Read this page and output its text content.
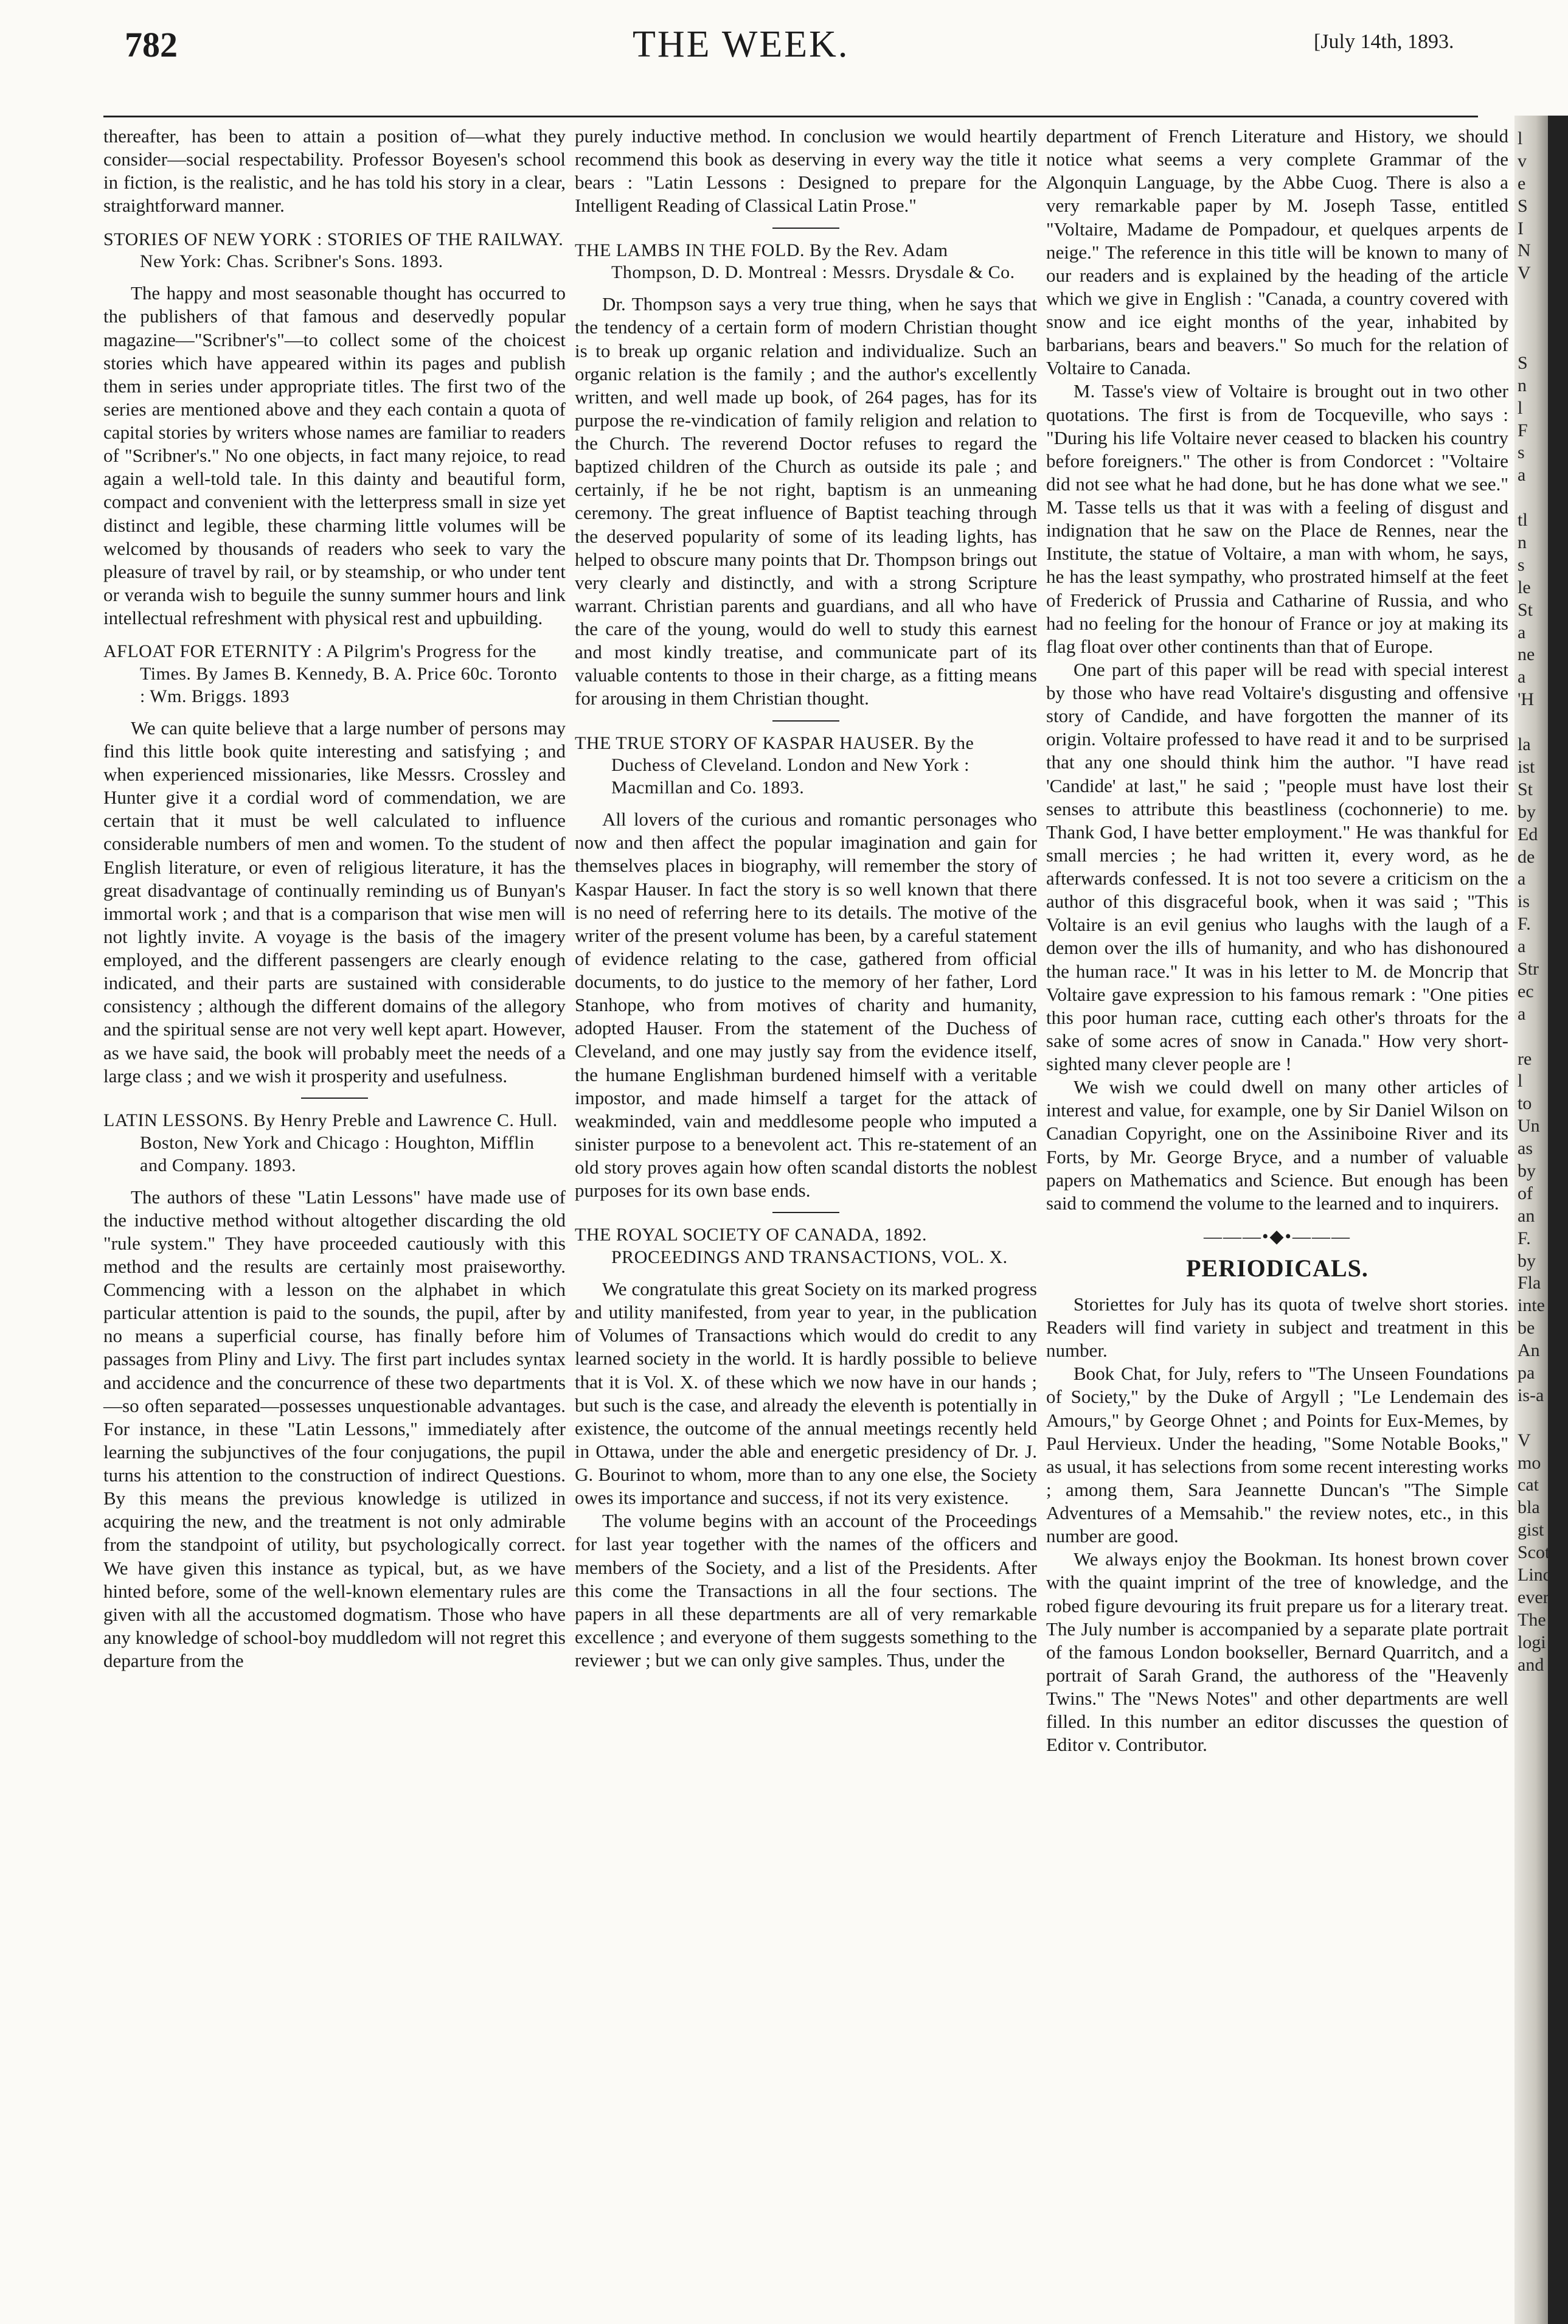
782	THE WEEK.	[July 14th, 1893.

thereafter, has been to attain a position of—what they consider—social respectability. Professor Boyesen's school in fiction, is the realistic, and he has told his story in a clear, straightforward manner.

STORIES OF NEW YORK : STORIES OF THE RAILWAY. New York: Chas. Scribner's Sons. 1893.

The happy and most seasonable thought has occurred to the publishers of that famous and deservedly popular magazine—"Scribner's"—to collect some of the choicest stories which have appeared within its pages and publish them in series under appropriate titles. The first two of the series are mentioned above and they each contain a quota of capital stories by writers whose names are familiar to readers of "Scribner's." No one objects, in fact many rejoice, to read again a well-told tale. In this dainty and beautiful form, compact and convenient with the letterpress small in size yet distinct and legible, these charming little volumes will be welcomed by thousands of readers who seek to vary the pleasure of travel by rail, or by steamship, or who under tent or veranda wish to beguile the sunny summer hours and link intellectual refreshment with physical rest and upbuilding.

AFLOAT FOR ETERNITY : A Pilgrim's Progress for the Times. By James B. Kennedy, B. A. Price 60c. Toronto : Wm. Briggs. 1893

We can quite believe that a large number of persons may find this little book quite interesting and satisfying ; and when experienced missionaries, like Messrs. Crossley and Hunter give it a cordial word of commendation, we are certain that it must be well calculated to influence considerable numbers of men and women. To the student of English literature, or even of religious literature, it has the great disadvantage of continually reminding us of Bunyan's immortal work ; and that is a comparison that wise men will not lightly invite. A voyage is the basis of the imagery employed, and the different passengers are clearly enough indicated, and their parts are sustained with considerable consistency ; although the different domains of the allegory and the spiritual sense are not very well kept apart. However, as we have said, the book will probably meet the needs of a large class ; and we wish it prosperity and usefulness.

LATIN LESSONS. By Henry Preble and Lawrence C. Hull. Boston, New York and Chicago : Houghton, Mifflin and Company. 1893.

The authors of these "Latin Lessons" have made use of the inductive method without altogether discarding the old "rule system." They have proceeded cautiously with this method and the results are certainly most praiseworthy. Commencing with a lesson on the alphabet in which particular attention is paid to the sounds, the pupil, after by no means a superficial course, has finally before him passages from Pliny and Livy. The first part includes syntax and accidence and the concurrence of these two departments—so often separated—possesses unquestionable advantages. For instance, in these "Latin Lessons," immediately after learning the subjunctives of the four conjugations, the pupil turns his attention to the construction of indirect Questions. By this means the previous knowledge is utilized in acquiring the new, and the treatment is not only admirable from the standpoint of utility, but psychologically correct. We have given this instance as typical, but, as we have hinted before, some of the well-known elementary rules are given with all the accustomed dogmatism. Those who have any knowledge of school-boy muddledom will not regret this departure from the

purely inductive method. In conclusion we would heartily recommend this book as deserving in every way the title it bears : "Latin Lessons : Designed to prepare for the Intelligent Reading of Classical Latin Prose."

THE LAMBS IN THE FOLD. By the Rev. Adam Thompson, D. D. Montreal : Messrs. Drysdale & Co.

Dr. Thompson says a very true thing, when he says that the tendency of a certain form of modern Christian thought is to break up organic relation and individualize. Such an organic relation is the family ; and the author's excellently written, and well made up book, of 264 pages, has for its purpose the re-vindication of family religion and relation to the Church. The reverend Doctor refuses to regard the baptized children of the Church as outside its pale ; and certainly, if he be not right, baptism is an unmeaning ceremony. The great influence of Baptist teaching through the deserved popularity of some of its leading lights, has helped to obscure many points that Dr. Thompson brings out very clearly and distinctly, and with a strong Scripture warrant. Christian parents and guardians, and all who have the care of the young, would do well to study this earnest and most kindly treatise, and communicate part of its valuable contents to those in their charge, as a fitting means for arousing in them Christian thought.

THE TRUE STORY OF KASPAR HAUSER. By the Duchess of Cleveland. London and New York : Macmillan and Co. 1893.

All lovers of the curious and romantic personages who now and then affect the popular imagination and gain for themselves places in biography, will remember the story of Kaspar Hauser. In fact the story is so well known that there is no need of referring here to its details. The motive of the writer of the present volume has been, by a careful statement of evidence relating to the case, gathered from official documents, to do justice to the memory of her father, Lord Stanhope, who from motives of charity and humanity, adopted Hauser. From the statement of the Duchess of Cleveland, and one may justly say from the evidence itself, the humane Englishman burdened himself with a veritable impostor, and made himself a target for the attack of weakminded, vain and meddlesome people who imputed a sinister purpose to a benevolent act. This re-statement of an old story proves again how often scandal distorts the noblest purposes for its own base ends.

THE ROYAL SOCIETY OF CANADA, 1892. PROCEEDINGS AND TRANSACTIONS, VOL. X.

We congratulate this great Society on its marked progress and utility manifested, from year to year, in the publication of Volumes of Transactions which would do credit to any learned society in the world. It is hardly possible to believe that it is Vol. X. of these which we now have in our hands ; but such is the case, and already the eleventh is potentially in existence, the outcome of the annual meetings recently held in Ottawa, under the able and energetic presidency of Dr. J. G. Bourinot to whom, more than to any one else, the Society owes its importance and success, if not its very existence.

The volume begins with an account of the Proceedings for last year together with the names of the officers and members of the Society, and a list of the Presidents. After this come the Transactions in all the four sections. The papers in all these departments are all of very remarkable excellence ; and everyone of them suggests something to the reviewer ; but we can only give samples. Thus, under the

department of French Literature and History, we should notice what seems a very complete Grammar of the Algonquin Language, by the Abbe Cuog. There is also a very remarkable paper by M. Joseph Tasse, entitled "Voltaire, Madame de Pompadour, et quelques arpents de neige." The reference in this title will be known to many of our readers and is explained by the heading of the article which we give in English : "Canada, a country covered with snow and ice eight months of the year, inhabited by barbarians, bears and beavers." So much for the relation of Voltaire to Canada.

M. Tasse's view of Voltaire is brought out in two other quotations. The first is from de Tocqueville, who says : "During his life Voltaire never ceased to blacken his country before foreigners." The other is from Condorcet : "Voltaire did not see what he had done, but he has done what we see." M. Tasse tells us that it was with a feeling of disgust and indignation that he saw on the Place de Rennes, near the Institute, the statue of Voltaire, a man with whom, he says, he has the least sympathy, who prostrated himself at the feet of Frederick of Prussia and Catharine of Russia, and who had no feeling for the honour of France or joy at making its flag float over other continents than that of Europe.

One part of this paper will be read with special interest by those who have read Voltaire's disgusting and offensive story of Candide, and have forgotten the manner of its origin. Voltaire professed to have read it and to be surprised that any one should think him the author. "I have read 'Candide' at last," he said ; "people must have lost their senses to attribute this beastliness (cochonnerie) to me. Thank God, I have better employment." He was thankful for small mercies ; he had written it, every word, as he afterwards confessed. It is not too severe a criticism on the author of this disgraceful book, when it was said ; "This Voltaire is an evil genius who laughs with the laugh of a demon over the ills of humanity, and who has dishonoured the human race." It was in his letter to M. de Moncrip that Voltaire gave expression to his famous remark : "One pities this poor human race, cutting each other's throats for the sake of some acres of snow in Canada." How very short-sighted many clever people are !

We wish we could dwell on many other articles of interest and value, for example, one by Sir Daniel Wilson on Canadian Copyright, one on the Assiniboine River and its Forts, by Mr. George Bryce, and a number of valuable papers on Mathematics and Science. But enough has been said to commend the volume to the learned and to inquirers.

———•◆•———
PERIODICALS.

Storiettes for July has its quota of twelve short stories. Readers will find variety in subject and treatment in this number.

Book Chat, for July, refers to "The Unseen Foundations of Society," by the Duke of Argyll ; "Le Lendemain des Amours," by George Ohnet ; and Points for Eux-Memes, by Paul Hervieux. Under the heading, "Some Notable Books," as usual, it has selections from some recent interesting works ; among them, Sara Jeannette Duncan's "The Simple Adventures of a Memsahib." the review notes, etc., in this number are good.

We always enjoy the Bookman. Its honest brown cover with the quaint imprint of the tree of knowledge, and the robed figure devouring its fruit prepare us for a literary treat. The July number is accompanied by a separate plate portrait of the famous London bookseller, Bernard Quarritch, and a portrait of Sarah Grand, the authoress of the "Heavenly Twins." The "News Notes" and other departments are well filled. In this number an editor discusses the question of Editor v. Contributor.

l
v
e
S
I
N
V

S
n
l
F
s
a

tl
n
s
le
St
a
ne
a
'H

la
ist
St
by
Ed
de
a
is
F.
a
Str
ec
a

re
l
to
Un
as
by
of
an
F.
by
Fla
inte
be
An
pa
is-a

V
mo
cat
bla
gist
Scot
Linc
ever
The
logi
and
